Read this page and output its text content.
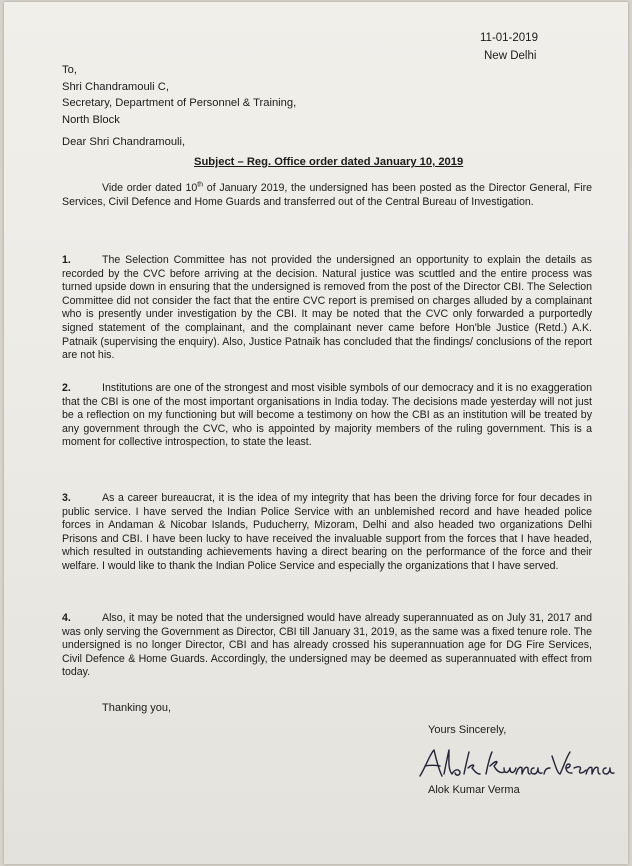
11-01-2019
New Delhi
To,
Shri Chandramouli C,
Secretary, Department of Personnel & Training,
North Block
Dear Shri Chandramouli,
Subject – Reg. Office order dated January 10, 2019
Vide order dated 10th of January 2019, the undersigned has been posted as the Director General, Fire Services, Civil Defence and Home Guards and transferred out of the Central Bureau of Investigation.
1.	The Selection Committee has not provided the undersigned an opportunity to explain the details as recorded by the CVC before arriving at the decision. Natural justice was scuttled and the entire process was turned upside down in ensuring that the undersigned is removed from the post of the Director CBI. The Selection Committee did not consider the fact that the entire CVC report is premised on charges alluded by a complainant who is presently under investigation by the CBI. It may be noted that the CVC only forwarded a purportedly signed statement of the complainant, and the complainant never came before Hon'ble Justice (Retd.) A.K. Patnaik (supervising the enquiry). Also, Justice Patnaik has concluded that the findings/ conclusions of the report are not his.
2.	Institutions are one of the strongest and most visible symbols of our democracy and it is no exaggeration that the CBI is one of the most important organisations in India today. The decisions made yesterday will not just be a reflection on my functioning but will become a testimony on how the CBI as an institution will be treated by any government through the CVC, who is appointed by majority members of the ruling government. This is a moment for collective introspection, to state the least.
3.	As a career bureaucrat, it is the idea of my integrity that has been the driving force for four decades in public service. I have served the Indian Police Service with an unblemished record and have headed police forces in Andaman & Nicobar Islands, Puducherry, Mizoram, Delhi and also headed two organizations Delhi Prisons and CBI. I have been lucky to have received the invaluable support from the forces that I have headed, which resulted in outstanding achievements having a direct bearing on the performance of the force and their welfare. I would like to thank the Indian Police Service and especially the organizations that I have served.
4.	Also, it may be noted that the undersigned would have already superannuated as on July 31, 2017 and was only serving the Government as Director, CBI till January 31, 2019, as the same was a fixed tenure role. The undersigned is no longer Director, CBI and has already crossed his superannuation age for DG Fire Services, Civil Defence & Home Guards. Accordingly, the undersigned may be deemed as superannuated with effect from today.
Thanking you,
Yours Sincerely,
Alok Kumar Verma
